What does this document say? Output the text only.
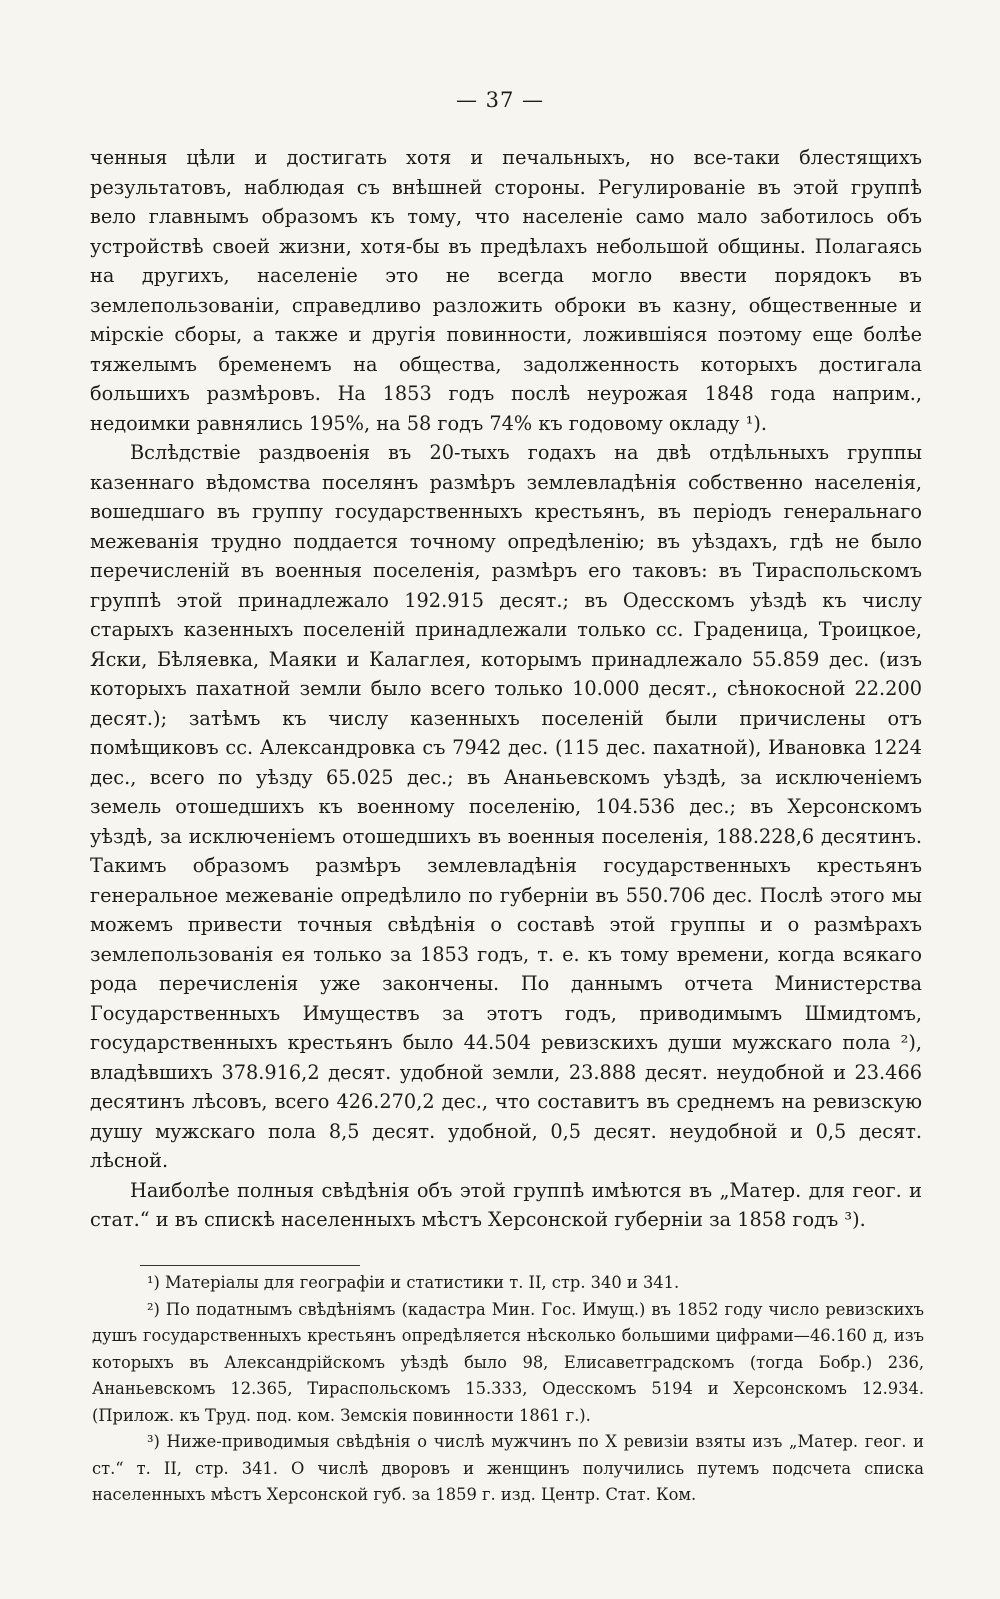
— 37 —

ченныя цѣли и достигать хотя и печальныхъ, но все-таки блестящихъ результатовъ, наблюдая съ внѣшней стороны. Регулированіе въ этой группѣ вело главнымъ образомъ къ тому, что населеніе само мало заботилось объ устройствѣ своей жизни, хотя-бы въ предѣлахъ небольшой общины. Полагаясь на другихъ, населеніе это не всегда могло ввести порядокъ въ землепользованіи, справедливо разложить оброки въ казну, общественные и мірскіе сборы, а также и другія повинности, ложившіяся поэтому еще болѣе тяжелымъ бременемъ на общества, задолженность которыхъ достигала большихъ размѣровъ. На 1853 годъ послѣ неурожая 1848 года наприм., недоимки равнялись 195%, на 58 годъ 74% къ годовому окладу ¹).

Вслѣдствіе раздвоенія въ 20-тыхъ годахъ на двѣ отдѣльныхъ группы казеннаго вѣдомства поселянъ размѣръ землевладѣнія собственно населенія, вошедшаго въ группу государственныхъ крестьянъ, въ періодъ генеральнаго межеванія трудно поддается точному опредѣленію; въ уѣздахъ, гдѣ не было перечисленій въ военныя поселенія, размѣръ его таковъ: въ Тираспольскомъ группѣ этой принадлежало 192.915 десят.; въ Одесскомъ уѣздѣ къ числу старыхъ казенныхъ поселеній принадлежали только сс. Граденица, Троицкое, Яски, Бѣляевка, Маяки и Калаглея, которымъ принадлежало 55.859 дес. (изъ которыхъ пахатной земли было всего только 10.000 десят., сѣнокосной 22.200 десят.); затѣмъ къ числу казенныхъ поселеній были причислены отъ помѣщиковъ сс. Александровка съ 7942 дес. (115 дес. пахатной), Ивановка 1224 дес., всего по уѣзду 65.025 дес.; въ Ананьевскомъ уѣздѣ, за исключеніемъ земель отошедшихъ къ военному поселенію, 104.536 дес.; въ Херсонскомъ уѣздѣ, за исключеніемъ отошедшихъ въ военныя поселенія, 188.228,6 десятинъ. Такимъ образомъ размѣръ землевладѣнія государственныхъ крестьянъ генеральное межеваніе опредѣлило по губерніи въ 550.706 дес. Послѣ этого мы можемъ привести точныя свѣдѣнія о составѣ этой группы и о размѣрахъ землепользованія ея только за 1853 годъ, т. е. къ тому времени, когда всякаго рода перечисленія уже закончены. По даннымъ отчета Министерства Государственныхъ Имуществъ за этотъ годъ, приводимымъ Шмидтомъ, государственныхъ крестьянъ было 44.504 ревизскихъ души мужскаго пола ²), владѣвшихъ 378.916,2 десят. удобной земли, 23.888 десят. неудобной и 23.466 десятинъ лѣсовъ, всего 426.270,2 дес., что составитъ въ среднемъ на ревизскую душу мужскаго пола 8,5 десят. удобной, 0,5 десят. неудобной и 0,5 десят. лѣсной.

Наиболѣе полныя свѣдѣнія объ этой группѣ имѣются въ „Матер. для геог. и стат.“ и въ спискѣ населенныхъ мѣстъ Херсонской губерніи за 1858 годъ ³).

¹) Матеріалы для географіи и статистики т. II, стр. 340 и 341.

²) По податнымъ свѣдѣніямъ (кадастра Мин. Гос. Имущ.) въ 1852 году число ревизскихъ душъ государственныхъ крестьянъ опредѣляется нѣсколько большими цифрами—46.160 д, изъ которыхъ въ Александрійскомъ уѣздѣ было 98, Елисаветградскомъ (тогда Бобр.) 236, Ананьевскомъ 12.365, Тираспольскомъ 15.333, Одесскомъ 5194 и Херсонскомъ 12.934. (Прилож. къ Труд. под. ком. Земскія повинности 1861 г.).

³) Ниже-приводимыя свѣдѣнія о числѣ мужчинъ по X ревизіи взяты изъ „Матер. геог. и ст.“ т. II, стр. 341. О числѣ дворовъ и женщинъ получились путемъ подсчета списка населенныхъ мѣстъ Херсонской губ. за 1859 г. изд. Центр. Стат. Ком.
